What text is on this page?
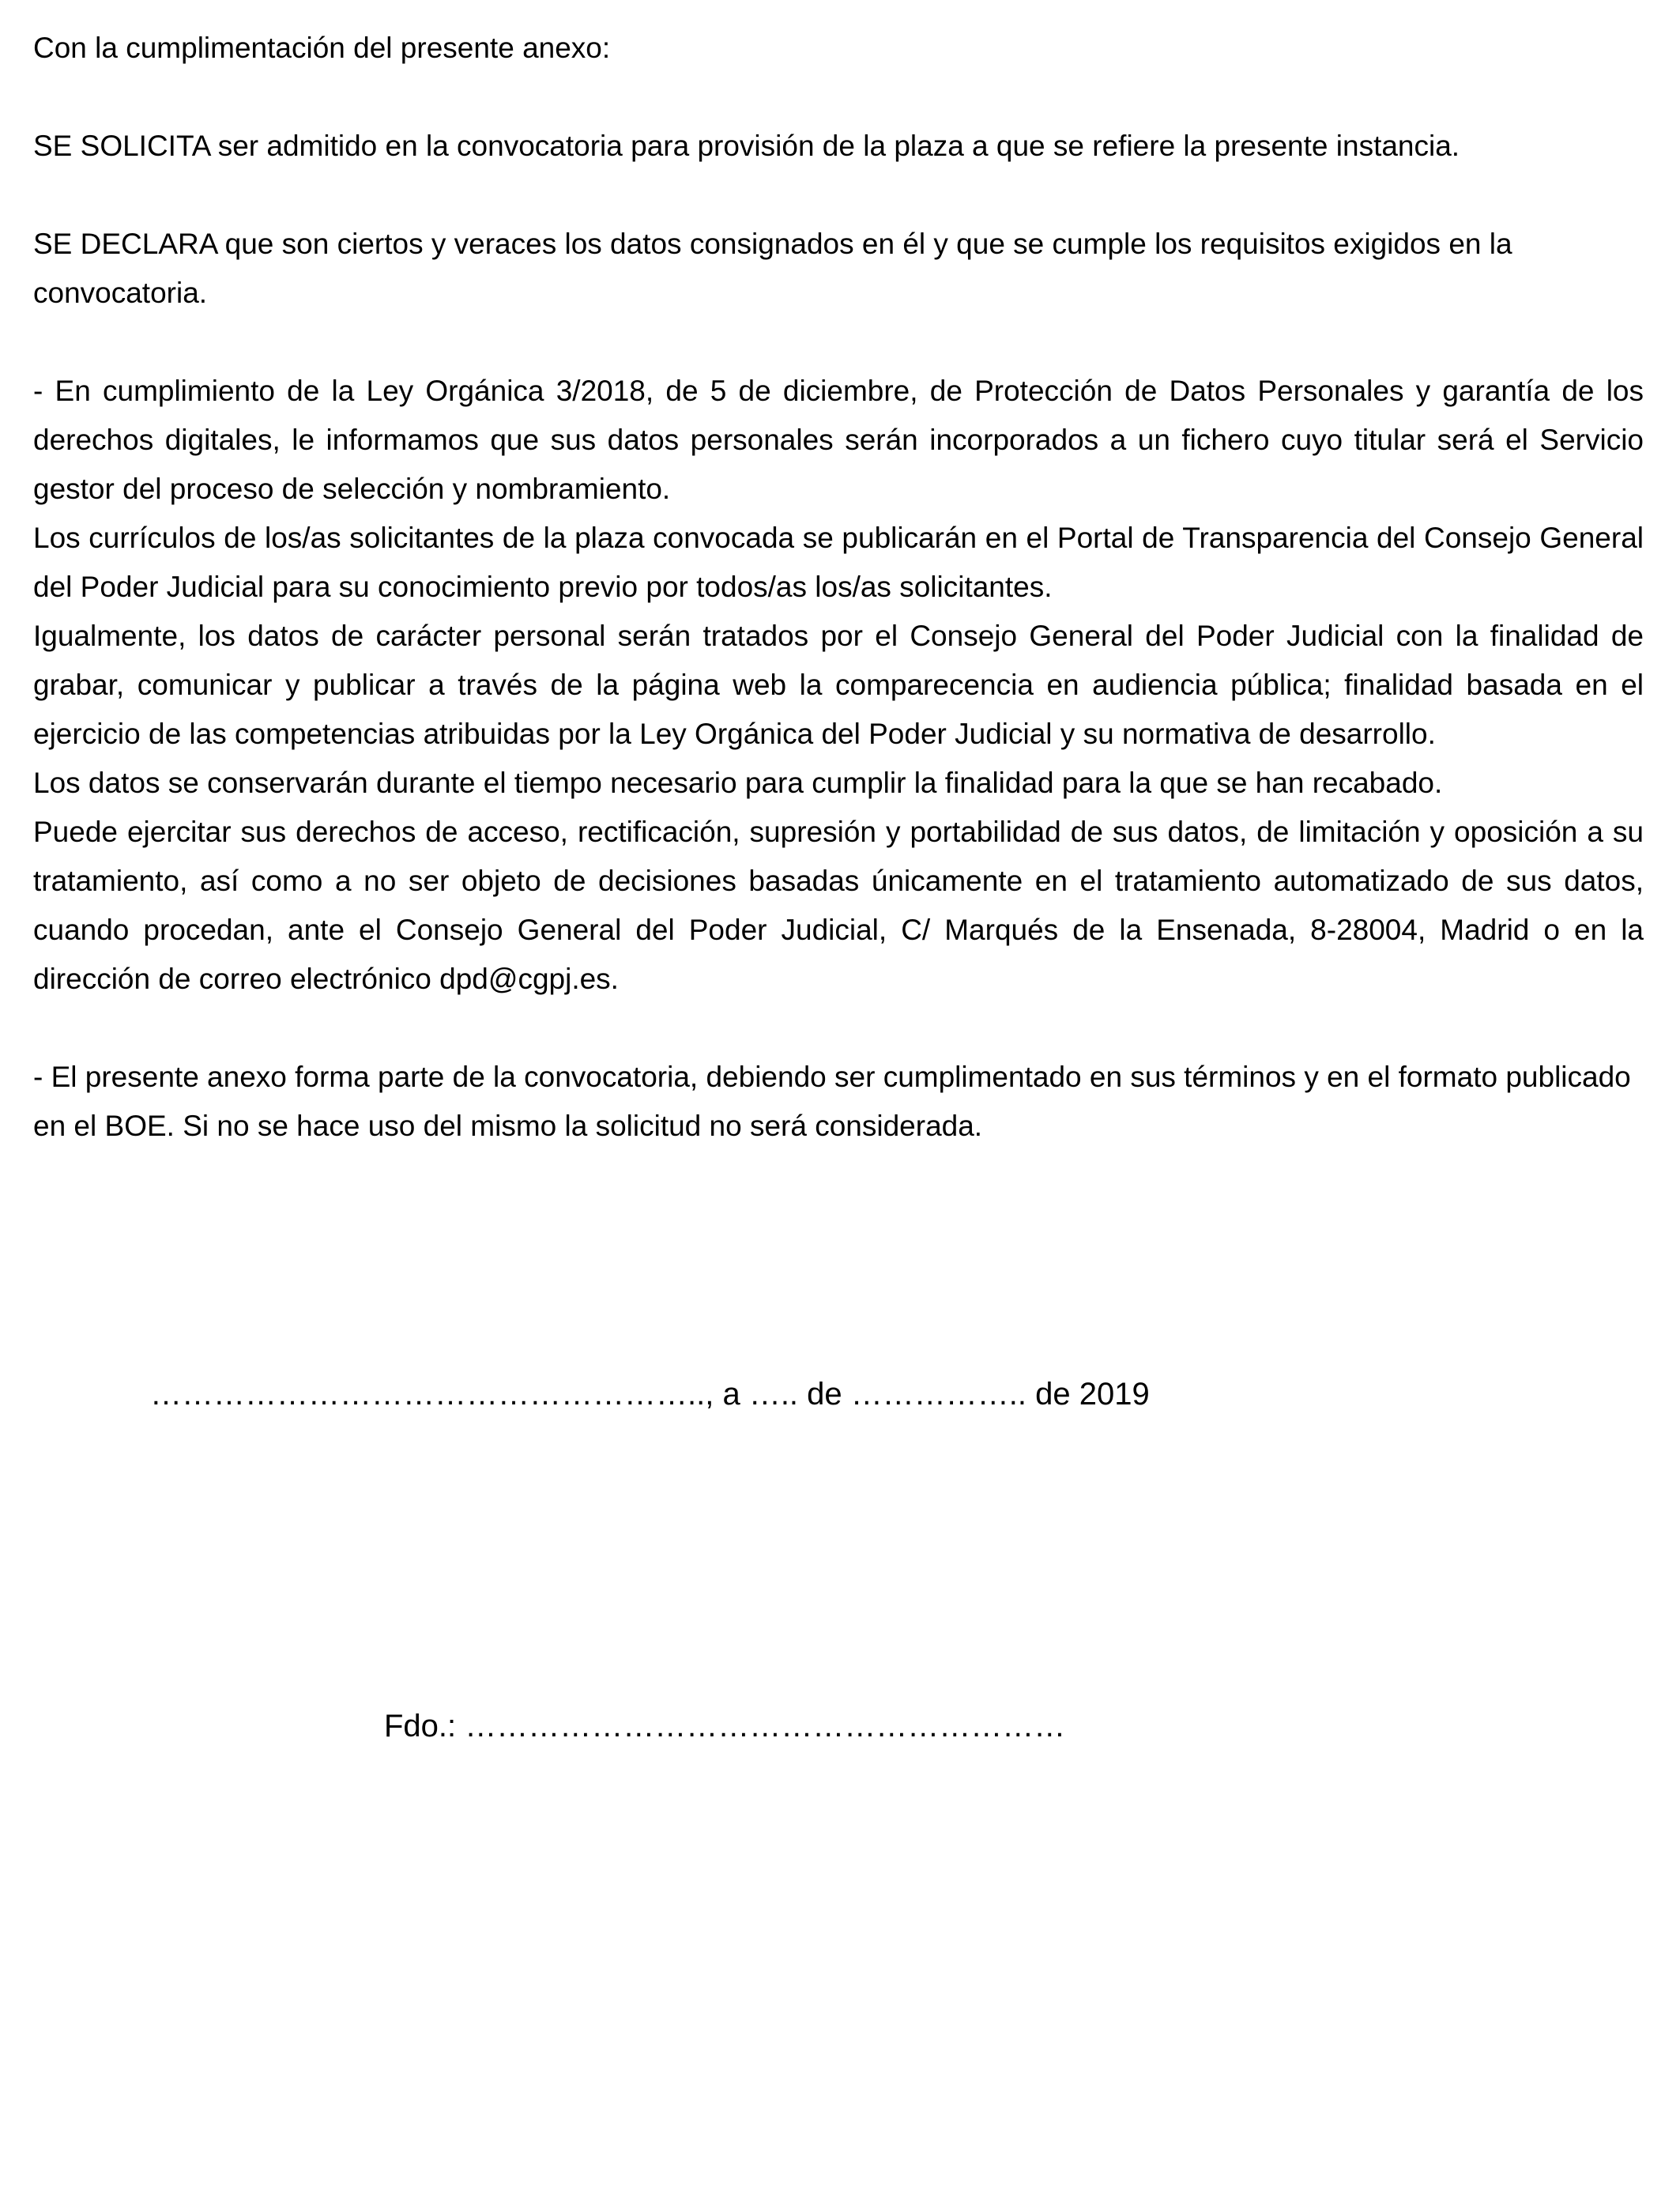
Con la cumplimentación del presente anexo:

SE SOLICITA ser admitido en la convocatoria para provisión de la plaza a que se refiere la presente instancia.

SE DECLARA que son ciertos y veraces los datos consignados en él y que se cumple los requisitos exigidos en la convocatoria.

- En cumplimiento de la Ley Orgánica 3/2018, de 5 de diciembre, de Protección de Datos Personales y garantía de los derechos digitales, le informamos que sus datos personales serán incorporados a un fichero cuyo titular será el Servicio gestor del proceso de selección y nombramiento.

Los currículos de los/as solicitantes de la plaza convocada se publicarán en el Portal de Transparencia del Consejo General del Poder Judicial para su conocimiento previo por todos/as los/as solicitantes.

Igualmente, los datos de carácter personal serán tratados por el Consejo General del Poder Judicial con la finalidad de grabar, comunicar y publicar a través de la página web la comparecencia en audiencia pública; finalidad basada en el ejercicio de las competencias atribuidas por la Ley Orgánica del Poder Judicial y su normativa de desarrollo.

Los datos se conservarán durante el tiempo necesario para cumplir la finalidad para la que se han recabado.

Puede ejercitar sus derechos de acceso, rectificación, supresión y portabilidad de sus datos, de limitación y oposición a su tratamiento, así como a no ser objeto de decisiones basadas únicamente en el tratamiento automatizado de sus datos, cuando procedan, ante el Consejo General del Poder Judicial, C/ Marqués de la Ensenada, 8-28004, Madrid o en la dirección de correo electrónico dpd@cgpj.es.

- El presente anexo forma parte de la convocatoria, debiendo ser cumplimentado en sus términos y en el formato publicado en el BOE. Si no se hace uso del mismo la solicitud no será considerada.

…………………………………………….., a ….. de …………….. de 2019
Fdo.: …………………………………………………
